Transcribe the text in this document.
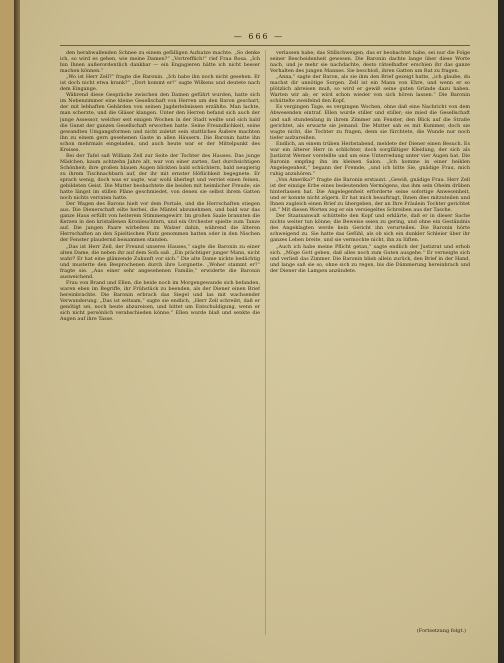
— 666 —

den herabwallenden Schnee zu einem gefälligen Aufsatze machte. „So denke ich, so wird es gehen, wie meine Damen?“ „Vortrefflich!“ rief Frau Rosa. „Ich bin Ihnen außerordentlich dankbar — ein Engagieren hätte ich nicht besser machen können.“

„Wo ist Herr Zell?“ fragte die Baronin. „Ich habe ihn noch nicht gesehen. Er ist doch nicht etwa krank?“ „Dort kommt er!“ sagte Wilkens und deutete nach dem Eingange.

Während diese Gespräche zwischen den Damen geführt wurden, hatte sich im Nebenzimmer eine kleine Gesellschaft von Herren um den Baron geschart, der mit lebhaften Gebärden von seinen Jagderlebnissen erzählte. Man lachte, man scherzte, und die Gläser klangen. Unter den Herren befand sich auch der junge Assessor, welcher seit einigen Wochen in der Stadt weilte und sich bald die Gunst der ganzen Gesellschaft erworben hatte. Seine Freundlichkeit, seine gewandten Umgangsformen und nicht zuletzt sein stattliches Äußere machten ihn zu einem gern gesehenen Gaste in allen Häusern. Die Baronin hatte ihn schon mehrmals eingeladen, und auch heute war er der Mittelpunkt des Kreises.

Bei der Tafel saß William Zell zur Seite der Tochter des Hauses. Das junge Mädchen, kaum achtzehn Jahre alt, war von einer zarten, fast durchsichtigen Schönheit; ihre großen blauen Augen blickten bald schüchtern, bald neugierig zu ihrem Tischnachbarn auf, der ihr mit ernster Höflichkeit begegnete. Er sprach wenig, doch was er sagte, war wohl überlegt und verriet einen feinen, gebildeten Geist. Die Mutter beobachtete die beiden mit heimlicher Freude; sie hatte längst im stillen Pläne geschmiedet, von denen sie selbst ihrem Gatten noch nichts verraten hatte.

Der Wagen des Barons hielt vor dem Portale, und die Herrschaften stiegen aus. Die Dienerschaft eilte herbei, die Mäntel abzunehmen, und bald war das ganze Haus erfüllt von heiterem Stimmengewirr. Im großen Saale brannten die Kerzen in den kristallenen Kronleuchtern, und ein Orchester spielte zum Tanze auf. Die jungen Paare wirbelten im Walzer dahin, während die älteren Herrschaften an den Spieltischen Platz genommen hatten oder in den Nischen der Fenster plaudernd beisammen standen.

„Das ist Herr Zell, der Freund unseres Hauses,“ sagte die Baronin zu einer alten Dame, die neben ihr auf dem Sofa saß. „Ein prächtiger junger Mann, nicht wahr? Er hat eine glänzende Zukunft vor sich.“ Die alte Dame nickte bedächtig und musterte den Besprochenen durch ihre Lorgnette. „Woher stammt er?“ fragte sie. „Aus einer sehr angesehenen Familie,“ erwiderte die Baronin ausweichend.

Frau von Brand und Ellen, die beide noch im Morgengewande sich befanden, waren eben im Begriffe, ihr Frühstück zu beenden, als der Diener einen Brief hereinbrachte. Die Baronin erbrach das Siegel und las mit wachsender Verwunderung. „Das ist seltsam,“ sagte sie endlich, „Herr Zell schreibt, daß er genötigt sei, noch heute abzureisen, und bittet um Entschuldigung, wenn er sich nicht persönlich verabschieden könne.“ Ellen wurde blaß und senkte die Augen auf ihre Tasse.

verlassen habe; das Stillschweigen, das er beobachtet habe, sei nur die Folge seiner Bescheidenheit gewesen. Die Baronin dachte lange über diese Worte nach, und je mehr sie nachdachte, desto rätselhafter erschien ihr das ganze Verhalten des jungen Mannes. Sie beschloß, ihren Gatten um Rat zu fragen.

„Anna,“ sagte der Baron, als sie ihm den Brief gezeigt hatte, „ich glaube, du machst dir unnötige Sorgen. Zell ist ein Mann von Ehre, und wenn er so plötzlich abreisen muß, so wird er gewiß seine guten Gründe dazu haben. Warten wir ab; er wird schon wieder von sich hören lassen.“ Die Baronin schüttelte zweifelnd den Kopf.

Es vergingen Tage, es vergingen Wochen, ohne daß eine Nachricht von dem Abwesenden eintraf. Ellen wurde stiller und stiller; sie mied die Gesellschaft und saß stundenlang in ihrem Zimmer am Fenster, den Blick auf die Straße gerichtet, als erwarte sie jemand. Die Mutter sah es mit Kummer, doch sie wagte nicht, die Tochter zu fragen, denn sie fürchtete, die Wunde nur noch tiefer aufzureißen.

Endlich, an einem trüben Herbstabend, meldete der Diener einen Besuch. Es war ein älterer Herr in schlichter, doch sorgfältiger Kleidung, der sich als Justizrat Werner vorstellte und um eine Unterredung unter vier Augen bat. Die Baronin empfing ihn im kleinen Salon. „Ich komme in einer heiklen Angelegenheit,“ begann der Fremde, „und ich bitte Sie, gnädige Frau, mich ruhig anzuhören.“

„Von Amerika?“ fragte die Baronin erstaunt. „Gewiß, gnädige Frau. Herr Zell ist der einzige Erbe eines bedeutenden Vermögens, das ihm sein Oheim drüben hinterlassen hat. Die Angelegenheit erforderte seine sofortige Anwesenheit, und er konnte nicht zögern. Er hat mich beauftragt, Ihnen dies mitzuteilen und Ihnen zugleich einen Brief zu übergeben, der an Ihre Fräulein Tochter gerichtet ist.“ Mit diesen Worten zog er ein versiegeltes Schreiben aus der Tasche.

Der Staatsanwalt schüttelte den Kopf und erklärte, daß er in dieser Sache nichts weiter tun könne; die Beweise seien zu gering, und ohne ein Geständnis des Angeklagten werde kein Gericht ihn verurteilen. Die Baronin hörte schweigend zu. Sie hatte das Gefühl, als ob sich ein dunkler Schleier über ihr ganzes Leben breite, und sie vermochte nicht, ihn zu lüften.

„Auch ich habe meine Pflicht getan,“ sagte endlich der Justizrat und erhob sich. „Möge Gott geben, daß alles noch zum Guten ausgehe.“ Er verneigte sich und verließ das Zimmer. Die Baronin blieb allein zurück, den Brief in der Hand, und lange saß sie so, ohne sich zu regen, bis die Dämmerung hereinbrach und der Diener die Lampen anzündete.

(Fortsetzung folgt.)
